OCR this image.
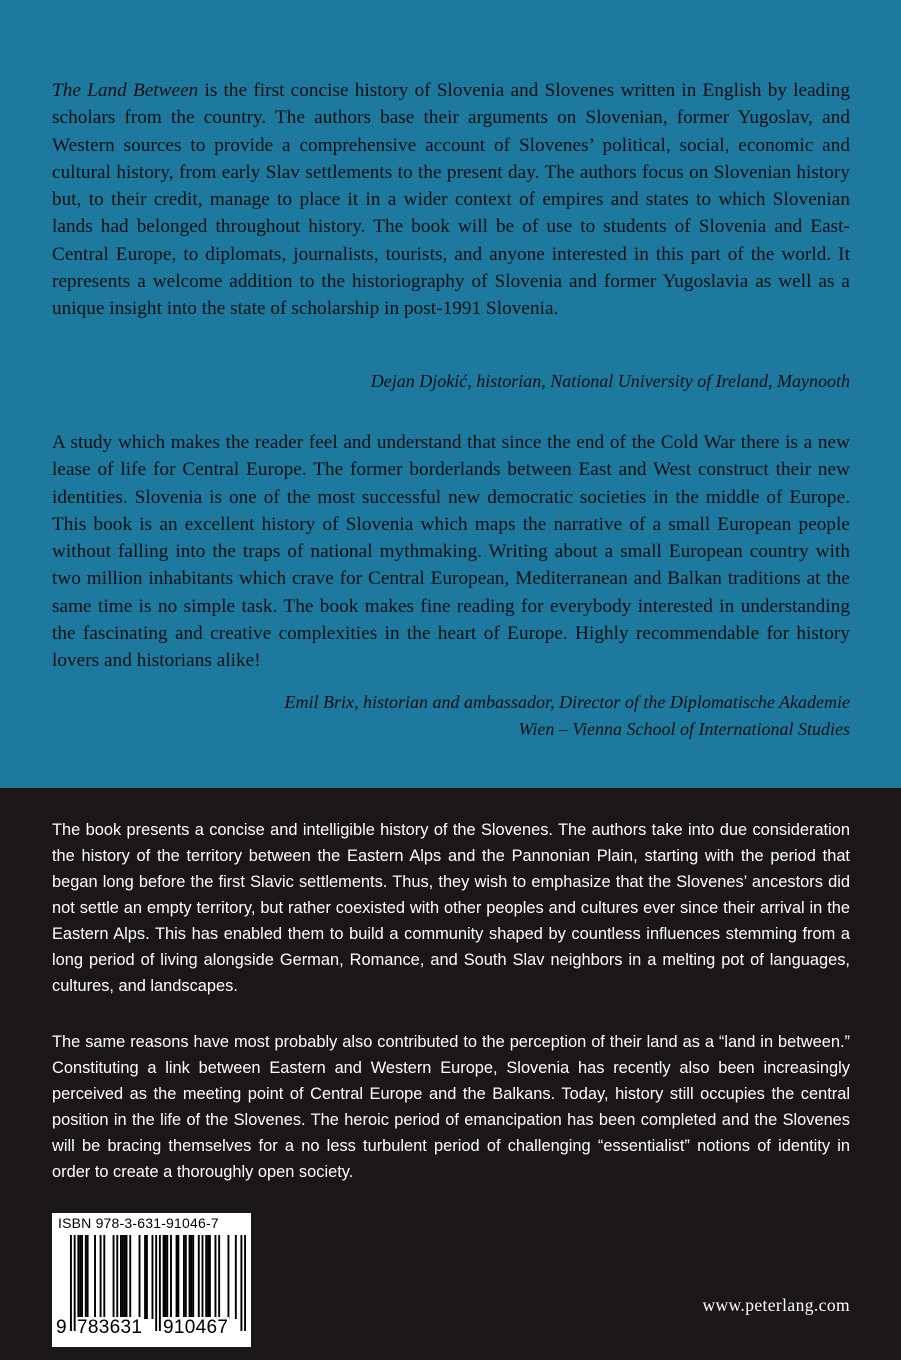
The Land Between is the first concise history of Slovenia and Slovenes written in English by leading scholars from the country. The authors base their arguments on Slovenian, former Yugoslav, and Western sources to provide a comprehensive account of Slovenes’ political, social, economic and cultural history, from early Slav settlements to the present day. The authors focus on Slovenian history but, to their credit, manage to place it in a wider context of empires and states to which Slovenian lands had belonged throughout history. The book will be of use to students of Slovenia and East-Central Europe, to diplomats, journalists, tourists, and anyone interested in this part of the world. It represents a welcome addition to the historiography of Slovenia and former Yugoslavia as well as a unique insight into the state of scholarship in post-1991 Slovenia.
Dejan Djokić, historian, National University of Ireland, Maynooth
A study which makes the reader feel and understand that since the end of the Cold War there is a new lease of life for Central Europe. The former borderlands between East and West construct their new identities. Slovenia is one of the most successful new democratic societies in the middle of Europe. This book is an excellent history of Slovenia which maps the narrative of a small European people without falling into the traps of national mythmaking. Writing about a small European country with two million inhabitants which crave for Central European, Mediterranean and Balkan traditions at the same time is no simple task. The book makes fine reading for everybody interested in understanding the fascinating and creative complexities in the heart of Europe. Highly recommendable for history lovers and historians alike!
Emil Brix, historian and ambassador, Director of the Diplomatische Akademie
Wien – Vienna School of International Studies
The book presents a concise and intelligible history of the Slovenes. The authors take into due consideration the history of the territory between the Eastern Alps and the Pannonian Plain, starting with the period that began long before the first Slavic settlements. Thus, they wish to emphasize that the Slovenes’ ancestors did not settle an empty territory, but rather coexisted with other peoples and cultures ever since their arrival in the Eastern Alps. This has enabled them to build a community shaped by countless influences stemming from a long period of living alongside German, Romance, and South Slav neighbors in a melting pot of languages, cultures, and landscapes.
The same reasons have most probably also contributed to the perception of their land as a “land in between.” Constituting a link between Eastern and Western Europe, Slovenia has recently also been increasingly perceived as the meeting point of Central Europe and the Balkans. Today, history still occupies the central position in the life of the Slovenes. The heroic period of emancipation has been completed and the Slovenes will be bracing themselves for a no less turbulent period of challenging “essentialist” notions of identity in order to create a thoroughly open society.
ISBN 978-3-631-91046-7
9 783631 910467
www.peterlang.com
